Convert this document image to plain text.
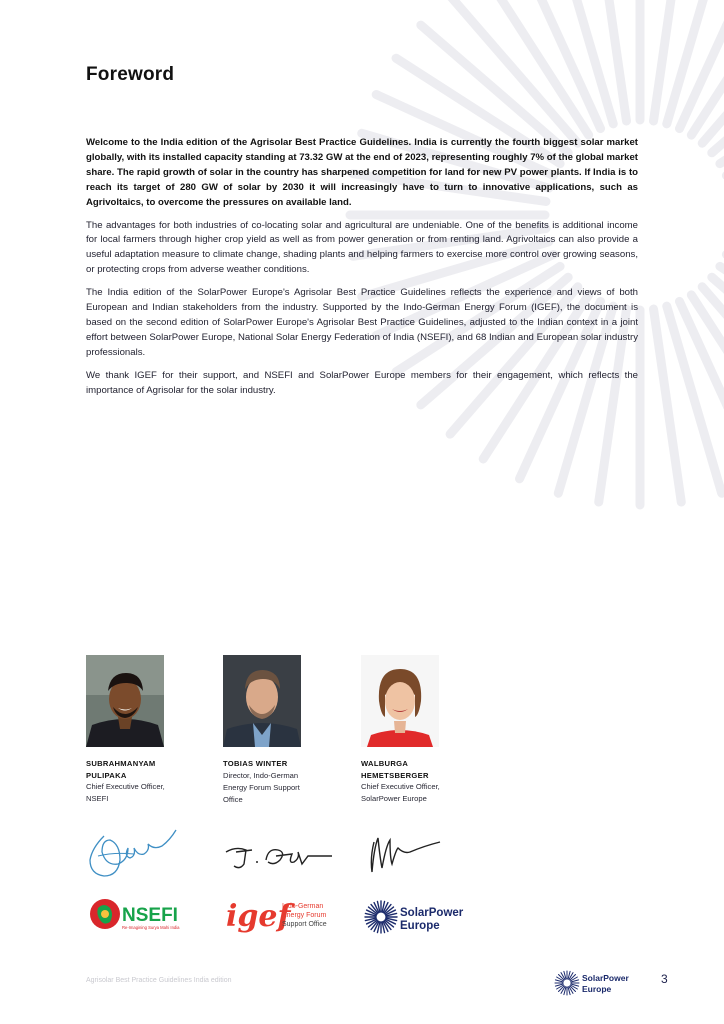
Foreword

Welcome to the India edition of the Agrisolar Best Practice Guidelines. India is currently the fourth biggest solar market globally, with its installed capacity standing at 73.32 GW at the end of 2023, representing roughly 7% of the global market share. The rapid growth of solar in the country has sharpened competition for land for new PV power plants. If India is to reach its target of 280 GW of solar by 2030 it will increasingly have to turn to innovative applications, such as Agrivoltaics, to overcome the pressures on available land.

The advantages for both industries of co-locating solar and agricultural are undeniable. One of the benefits is additional income for local farmers through higher crop yield as well as from power generation or from renting land. Agrivoltaics can also provide a useful adaptation measure to climate change, shading plants and helping farmers to exercise more control over growing seasons, or protecting crops from adverse weather conditions.

The India edition of the SolarPower Europe's Agrisolar Best Practice Guidelines reflects the experience and views of both European and Indian stakeholders from the industry. Supported by the Indo-German Energy Forum (IGEF), the document is based on the second edition of SolarPower Europe's Agrisolar Best Practice Guidelines, adjusted to the Indian context in a joint effort between SolarPower Europe, National Solar Energy Federation of India (NSEFI), and 68 Indian and European solar industry professionals.

We thank IGEF for their support, and NSEFI and SolarPower Europe members for their engagement, which reflects the importance of Agrisolar for the solar industry.

SUBRAHMANYAM
PULIPAKA
Chief Executive Officer,
NSEFI
TOBIAS WINTER
Director, Indo-German
Energy Forum Support
Office
WALBURGA
HEMETSBERGER
Chief Executive Officer,
SolarPower Europe
NSEFI
Re-Imagining Surya Mahi India igef
Indo-German
Energy Forum
Support Office
SolarPower
Europe
Agrisolar Best Practice Guidelines India edition	SolarPower
Europe
3
